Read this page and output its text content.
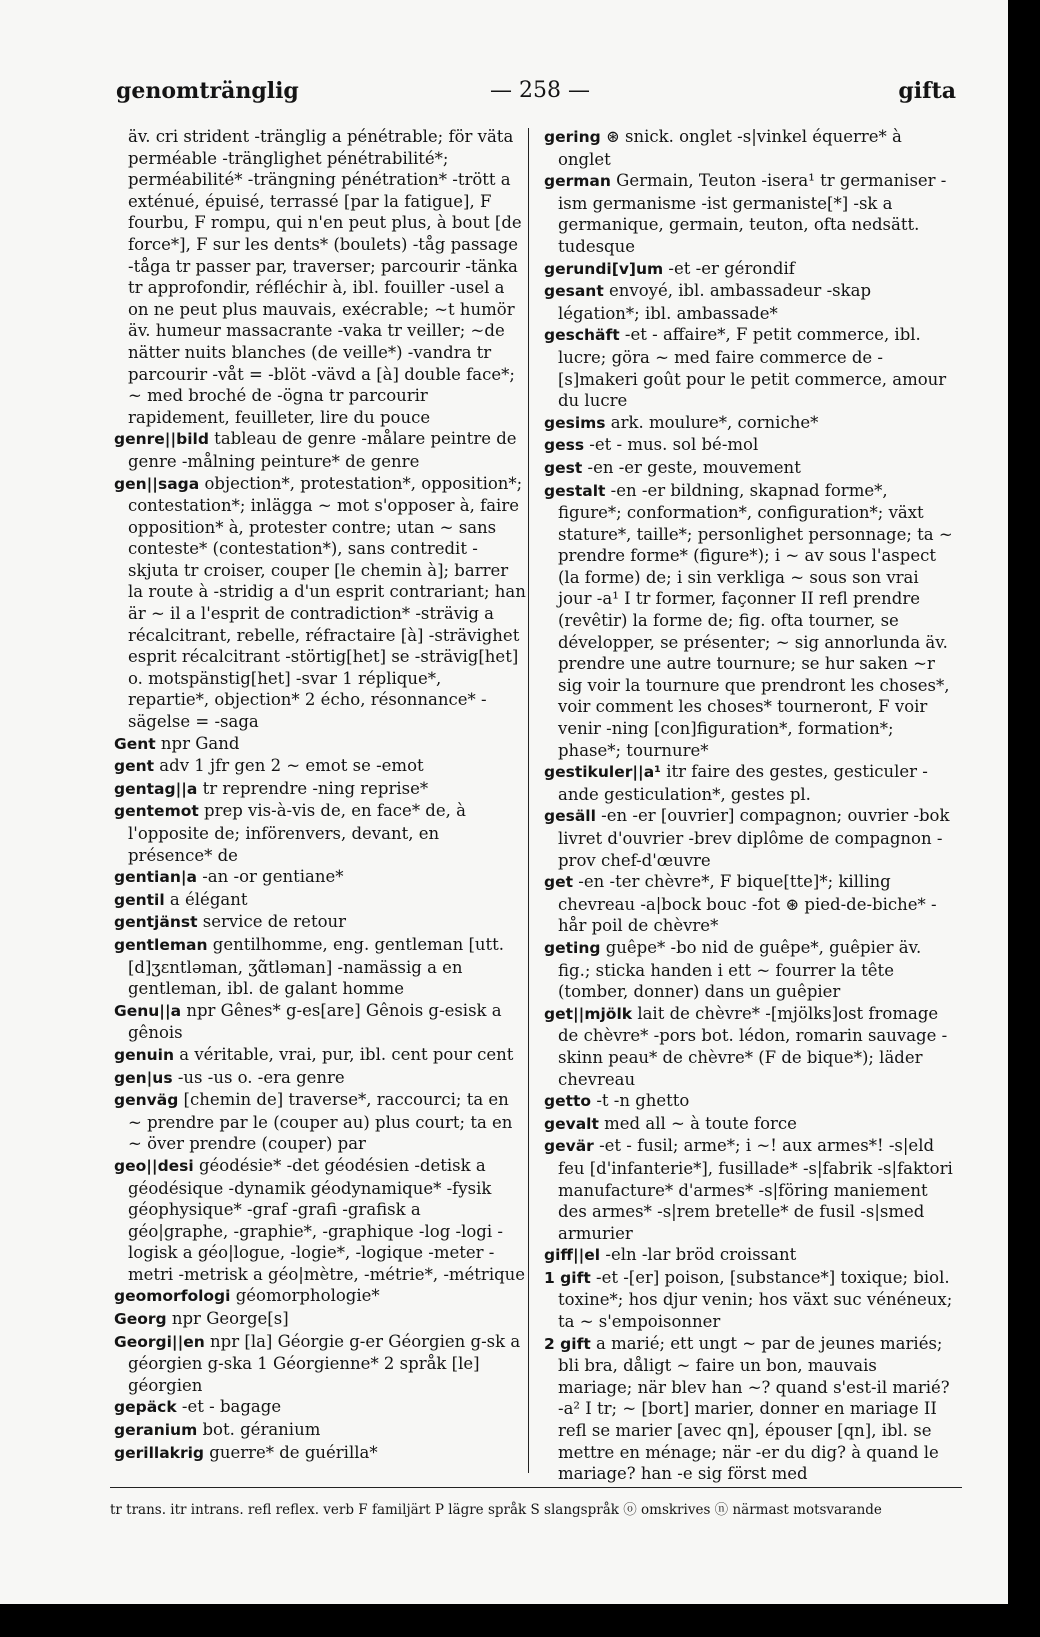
genomtränglig	— 258 —	gifta
äv. cri strident -tränglig a pénétrable; för väta perméable -tränglighet pénétrabilité*; perméabilité* -trängning pénétration* -trött a exténué, épuisé, terrassé [par la fatigue], F fourbu, F rompu, qui n'en peut plus, à bout [de force*], F sur les dents* (boulets) -tåg passage -tåga tr passer par, traverser; parcourir -tänka tr approfondir, réfléchir à, ibl. fouiller -usel a on ne peut plus mauvais, exécrable; ~t humör äv. humeur massacrante -vaka tr veiller; ~de nätter nuits blanches (de veille*) -vandra tr parcourir -våt = -blöt -vävd a [à] double face*; ~ med broché de -ögna tr parcourir rapidement, feuilleter, lire du pouce
genre||bild tableau de genre -målare peintre de genre -målning peinture* de genre
gen||saga objection*, protestation*, opposition*; contestation*; inlägga ~ mot s'opposer à, faire opposition* à, protester contre; utan ~ sans conteste* (contestation*), sans contredit -skjuta tr croiser, couper [le chemin à]; barrer la route à -stridig a d'un esprit contrariant; han är ~ il a l'esprit de contradiction* -strävig a récalcitrant, rebelle, réfractaire [à] -strävighet esprit récalcitrant -störtig[het] se -strävig[het] o. motspänstig[het] -svar 1 réplique*, repartie*, objection* 2 écho, résonnance* -sägelse = -saga
Gent npr Gand
gent adv 1 jfr gen 2 ~ emot se -emot
gentag||a tr reprendre -ning reprise*
gentemot prep vis-à-vis de, en face* de, à l'opposite de; införenvers, devant, en présence* de
gentian|a -an -or gentiane*
gentil a élégant
gentjänst service de retour
gentleman gentilhomme, eng. gentleman [utt. [d]ʒɛntləman, ʒɑ̃tləman] -namässig a en gentleman, ibl. de galant homme
Genu||a npr Gênes* g-es[are] Gênois g-esisk a gênois
genuin a véritable, vrai, pur, ibl. cent pour cent
gen|us -us -us o. -era genre
genväg [chemin de] traverse*, raccourci; ta en ~ prendre par le (couper au) plus court; ta en ~ över prendre (couper) par
geo||desi géodésie* -det géodésien -detisk a géodésique -dynamik géodynamique* -fysik géophysique* -graf -grafi -grafisk a géo|graphe, -graphie*, -graphique -log -logi -logisk a géo|logue, -logie*, -logique -meter -metri -metrisk a géo|mètre, -métrie*, -métrique
geomorfologi géomorphologie*
Georg npr George[s]
Georgi||en npr [la] Géorgie g-er Géorgien g-sk a géorgien g-ska 1 Géorgienne* 2 språk [le] géorgien
gepäck -et - bagage
geranium bot. géranium
gerillakrig guerre* de guérilla*
gering ⊛ snick. onglet -s|vinkel équerre* à onglet
german Germain, Teuton -isera¹ tr germaniser -ism germanisme -ist germaniste[*] -sk a germanique, germain, teuton, ofta nedsätt. tudesque
gerundi[v]um -et -er gérondif
gesant envoyé, ibl. ambassadeur -skap légation*; ibl. ambassade*
geschäft -et - affaire*, F petit commerce, ibl. lucre; göra ~ med faire commerce de -[s]makeri goût pour le petit commerce, amour du lucre
gesims ark. moulure*, corniche*
gess -et - mus. sol bé-mol
gest -en -er geste, mouvement
gestalt -en -er bildning, skapnad forme*, figure*; conformation*, configuration*; växt stature*, taille*; personlighet personnage; ta ~ prendre forme* (figure*); i ~ av sous l'aspect (la forme) de; i sin verkliga ~ sous son vrai jour -a¹ I tr former, façonner II refl prendre (revêtir) la forme de; fig. ofta tourner, se développer, se présenter; ~ sig annorlunda äv. prendre une autre tournure; se hur saken ~r sig voir la tournure que prendront les choses*, voir comment les choses* tourneront, F voir venir -ning [con]figuration*, formation*; phase*; tournure*
gestikuler||a¹ itr faire des gestes, gesticuler -ande gesticulation*, gestes pl.
gesäll -en -er [ouvrier] compagnon; ouvrier -bok livret d'ouvrier -brev diplôme de compagnon -prov chef-d'œuvre
get -en -ter chèvre*, F bique[tte]*; killing chevreau -a|bock bouc -fot ⊛ pied-de-biche* -hår poil de chèvre*
geting guêpe* -bo nid de guêpe*, guêpier äv. fig.; sticka handen i ett ~ fourrer la tête (tomber, donner) dans un guêpier
get||mjölk lait de chèvre* -[mjölks]ost fromage de chèvre* -pors bot. lédon, romarin sauvage -skinn peau* de chèvre* (F de bique*); läder chevreau
getto -t -n ghetto
gevalt med all ~ à toute force
gevär -et - fusil; arme*; i ~! aux armes*! -s|eld feu [d'infanterie*], fusillade* -s|fabrik -s|faktori manufacture* d'armes* -s|föring maniement des armes* -s|rem bretelle* de fusil -s|smed armurier
giff||el -eln -lar bröd croissant
1 gift -et -[er] poison, [substance*] toxique; biol. toxine*; hos djur venin; hos växt suc vénéneux; ta ~ s'empoisonner
2 gift a marié; ett ungt ~ par de jeunes mariés; bli bra, dåligt ~ faire un bon, mauvais mariage; när blev han ~? quand s'est-il marié? -a² I tr; ~ [bort] marier, donner en mariage II refl se marier [avec qn], épouser [qn], ibl. se mettre en ménage; när -er du dig? à quand le mariage? han -e sig först med
tr trans. itr intrans. refl reflex. verb F familjärt P lägre språk S slangspråk ⓞ omskrives ⓝ närmast motsvarande
